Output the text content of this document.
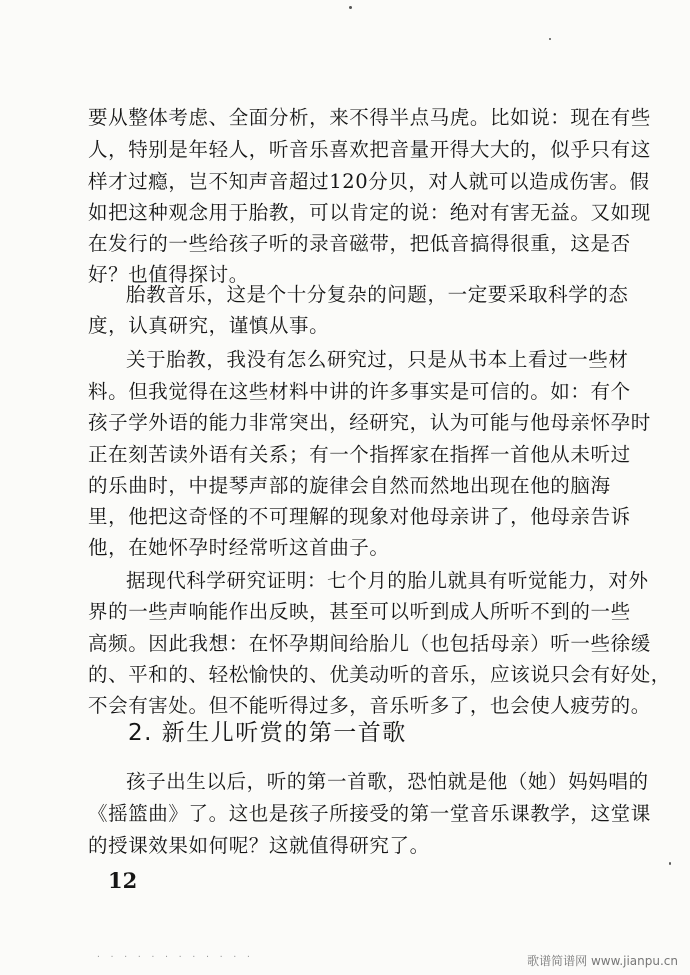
要从整体考虑、全面分析，来不得半点马虎。比如说：现在有些
人，特别是年轻人，听音乐喜欢把音量开得大大的，似乎只有这
样才过瘾，岂不知声音超过120分贝，对人就可以造成伤害。假
如把这种观念用于胎教，可以肯定的说：绝对有害无益。又如现
在发行的一些给孩子听的录音磁带，把低音搞得很重，这是否
好？也值得探讨。
胎教音乐，这是个十分复杂的问题，一定要采取科学的态
度，认真研究，谨慎从事。
关于胎教，我没有怎么研究过，只是从书本上看过一些材
料。但我觉得在这些材料中讲的许多事实是可信的。如：有个
孩子学外语的能力非常突出，经研究，认为可能与他母亲怀孕时
正在刻苦读外语有关系；有一个指挥家在指挥一首他从未听过
的乐曲时，中提琴声部的旋律会自然而然地出现在他的脑海
里，他把这奇怪的不可理解的现象对他母亲讲了，他母亲告诉
他，在她怀孕时经常听这首曲子。
据现代科学研究证明：七个月的胎儿就具有听觉能力，对外
界的一些声响能作出反映，甚至可以听到成人所听不到的一些
高频。因此我想：在怀孕期间给胎儿（也包括母亲）听一些徐缓
的、平和的、轻松愉快的、优美动听的音乐，应该说只会有好处，
不会有害处。但不能听得过多，音乐听多了，也会使人疲劳的。
2. 新生儿听赏的第一首歌
孩子出生以后，听的第一首歌，恐怕就是他（她）妈妈唱的
《摇篮曲》了。这也是孩子所接受的第一堂音乐课教学，这堂课
的授课效果如何呢？这就值得研究了。
12
. . . . . . . . . . . .	歌谱简谱网 www.jianpu.cn
